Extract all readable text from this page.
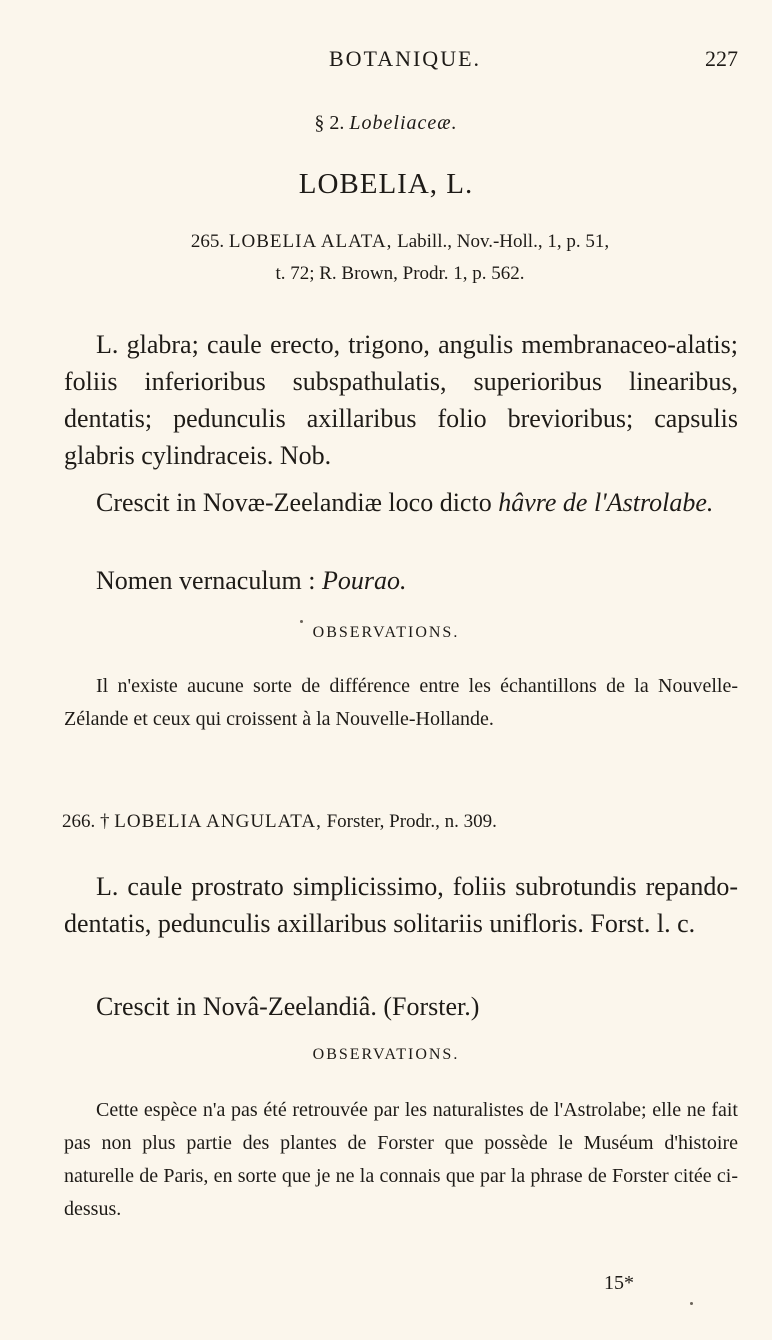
BOTANIQUE.	227
§ 2. Lobeliaceæ.
LOBELIA, L.
265. LOBELIA ALATA, Labill., Nov.-Holl., 1, p. 51,
t. 72; R. Brown, Prodr. 1, p. 562.
L. glabra; caule erecto, trigono, angulis membranaceo-alatis; foliis inferioribus subspathulatis, superioribus linearibus, dentatis; pedunculis axillaribus folio brevioribus; capsulis glabris cylindraceis. Nob.
Crescit in Novæ-Zeelandiæ loco dicto hâvre de l'Astrolabe.
Nomen vernaculum : Pourao.
OBSERVATIONS.
Il n'existe aucune sorte de différence entre les échantillons de la Nouvelle-Zélande et ceux qui croissent à la Nouvelle-Hollande.
266. † LOBELIA ANGULATA, Forster, Prodr., n. 309.
L. caule prostrato simplicissimo, foliis subrotundis repando-dentatis, pedunculis axillaribus solitariis unifloris. Forst. l. c.
Crescit in Novâ-Zeelandiâ. (Forster.)
OBSERVATIONS.
Cette espèce n'a pas été retrouvée par les naturalistes de l'Astrolabe; elle ne fait pas non plus partie des plantes de Forster que possède le Muséum d'histoire naturelle de Paris, en sorte que je ne la connais que par la phrase de Forster citée ci-dessus.
15*
